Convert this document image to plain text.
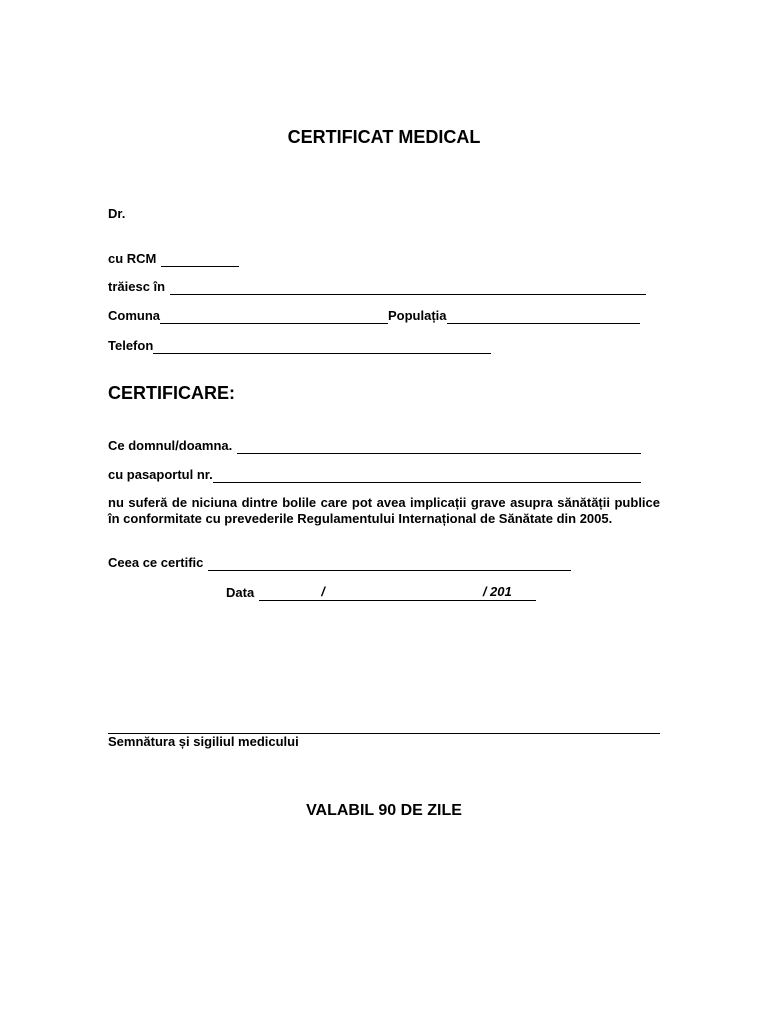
CERTIFICAT MEDICAL
Dr.
cu RCM
trăiesc în
Comuna	Populația
Telefon
CERTIFICARE:
Ce domnul/doamna.
cu pasaportul nr.
nu suferă de niciuna dintre bolile care pot avea implicații grave asupra sănătății publice în conformitate cu prevederile Regulamentului Internațional de Sănătate din 2005.
Ceea ce certific
Data	/	/ 201
Semnătura și sigiliul medicului
VALABIL 90 DE ZILE
